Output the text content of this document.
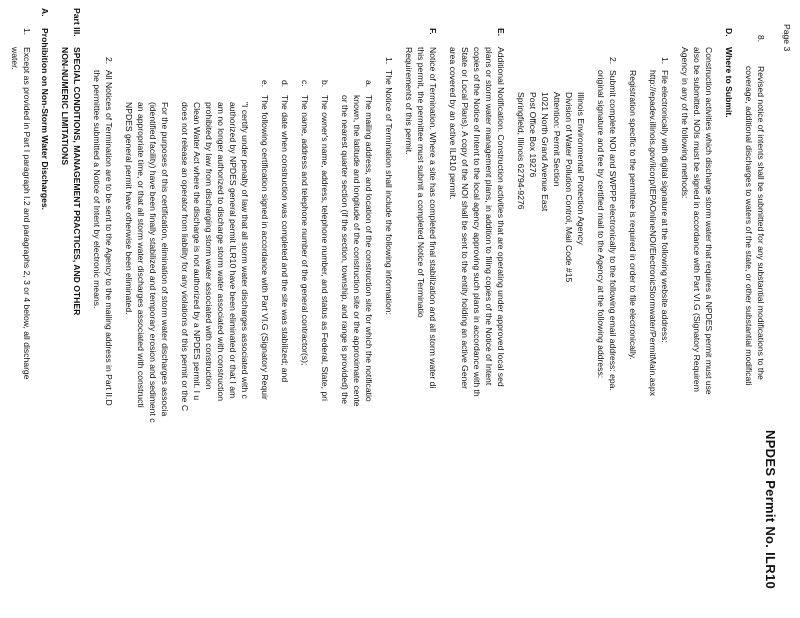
Page 3
NPDES Permit No. ILR10
8.
Revised notice of intents shall be submitted for any substantial modifications to the
coverage, additional discharges to waters of the state, or other substantial modificati
D.
Where to Submit.
Construction activities which discharge storm water that requires a NPDES permit must use
also be submitted. NOIs must be signed in accordance with Part VI.G (Signatory Requirem
Agency in any of the following methods:
1.
File electronically with digital signature at the following website address:
http://epadev.illinois.gov/ilcorp/IEPAOnlineNOI/ElectronicStormwater/PermitMain.aspx
Registration specific to the permittee is required in order to file electronically.
2.
Submit complete NOI and SWPPP electronically to the following email address: epa.
original signature and fee by certified mail to the Agency at the following address:
Illinois Environmental Protection Agency
Division of Water Pollution Control, Mail Code #15
Attention: Permit Section
1021 North Grand Avenue East
Post Office Box 19276
Springfield, Illinois 62794-9276
E.
Additional Notification. Construction activities that are operating under approved local sed
plans or storm water management plans, in addition to filing copies of the Notice of Intent
copies of the Notice of Intent to the local agency approving such plans in accordance with th
State or Local Plans). A copy of the NOI shall be sent to the entity holding an active Gener
area covered by an active ILR10 permit.
F.
Notice of Termination. Where a site has completed final stabilization and all storm water di
this permit, the permittee must submit a completed Notice of Terminatio
Requirements of this permit.
1.
The Notice of Termination shall include the following information:
a.
The mailing address, and location of the construction site for which the notificatio
known, the latitude and longitude of the construction site or the approximate cente
or the nearest quarter section (if the section, township, and range is provided) the
b.
The owner's name, address, telephone number, and status as Federal, State, pri
c.
The name, address and telephone number of the general contractor(s);
d.
The date when construction was completed and the site was stabilized; and
e.
The following certification signed in accordance with Part VI.G (Signatory Requir
"I certify under penalty of law that all storm water discharges associated with c
authorized by NPDES general permit ILR10 have been eliminated or that I am
am no longer authorized to discharge storm water associated with construction
prohibited by law from discharging storm water associated with construction
Clean Water Act where the discharge is not authorized by a NPDES permit. I u
does not release an operator from liability for any violations of this permit or the C
For the purposes of this certification, elimination of storm water discharges associa
(identified facility) have been finally stabilized and temporary erosion and sediment c
an appropriate time, or that all storm water discharges associated with constructi
NPDES general permit have otherwise been eliminated.
2.
All Notices of Termination are to be sent to the Agency to the mailing address in Part II.D
the permittee submitted a Notice of Intent by electronic means.
Part III.
SPECIAL CONDITIONS, MANAGEMENT PRACTICES, AND OTHER
NON-NUMERIC LIMITATIONS
A.
Prohibition on Non-Storm Water Discharges.
1.
Except as provided in Part I paragraph I.2 and paragraphs 2, 3 or 4 below, all discharge
water.
